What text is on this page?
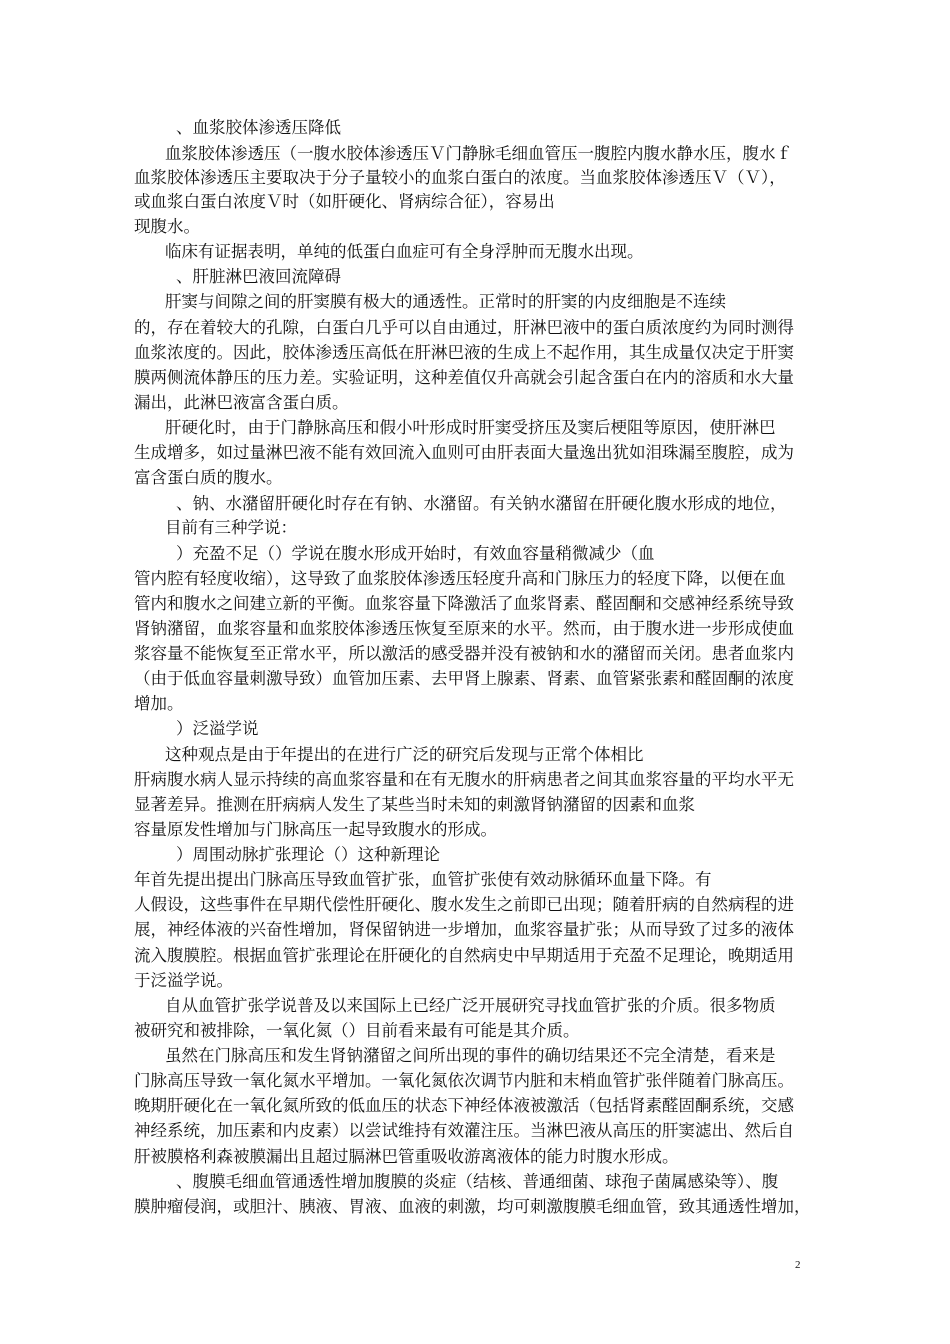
、血浆胶体渗透压降低
血浆胶体渗透压（一腹水胶体渗透压Ｖ门静脉毛细血管压一腹腔内腹水静水压，腹水ｆ
血浆胶体渗透压主要取决于分子量较小的血浆白蛋白的浓度。当血浆胶体渗透压Ｖ（Ｖ），
或血浆白蛋白浓度Ｖ时（如肝硬化、肾病综合征），容易出
现腹水。
临床有证据表明，单纯的低蛋白血症可有全身浮肿而无腹水出现。
、肝脏淋巴液回流障碍
肝窦与间隙之间的肝窦膜有极大的通透性。正常时的肝窦的内皮细胞是不连续
的，存在着较大的孔隙，白蛋白几乎可以自由通过，肝淋巴液中的蛋白质浓度约为同时测得
血浆浓度的。因此，胶体渗透压高低在肝淋巴液的生成上不起作用，其生成量仅决定于肝窦
膜两侧流体静压的压力差。实验证明，这种差值仅升高就会引起含蛋白在内的溶质和水大量
漏出，此淋巴液富含蛋白质。
肝硬化时，由于门静脉高压和假小叶形成时肝窦受挤压及窦后梗阻等原因，使肝淋巴
生成增多，如过量淋巴液不能有效回流入血则可由肝表面大量逸出犹如泪珠漏至腹腔，成为
富含蛋白质的腹水。
、钠、水潴留肝硬化时存在有钠、水潴留。有关钠水潴留在肝硬化腹水形成的地位，
目前有三种学说：
）充盈不足（）学说在腹水形成开始时，有效血容量稍微减少（血
管内腔有轻度收缩），这导致了血浆胶体渗透压轻度升高和门脉压力的轻度下降，以便在血
管内和腹水之间建立新的平衡。血浆容量下降激活了血浆肾素、醛固酮和交感神经系统导致
肾钠潴留，血浆容量和血浆胶体渗透压恢复至原来的水平。然而，由于腹水进一步形成使血
浆容量不能恢复至正常水平，所以激活的感受器并没有被钠和水的潴留而关闭。患者血浆内
（由于低血容量刺激导致）血管加压素、去甲肾上腺素、肾素、血管紧张素和醛固酮的浓度
增加。
）泛溢学说
这种观点是由于年提出的在进行广泛的研究后发现与正常个体相比
肝病腹水病人显示持续的高血浆容量和在有无腹水的肝病患者之间其血浆容量的平均水平无
显著差异。推测在肝病病人发生了某些当时未知的刺激肾钠潴留的因素和血浆
容量原发性增加与门脉高压一起导致腹水的形成。
）周围动脉扩张理论（）这种新理论
年首先提出提出门脉高压导致血管扩张，血管扩张使有效动脉循环血量下降。有
人假设，这些事件在早期代偿性肝硬化、腹水发生之前即已出现；随着肝病的自然病程的进
展，神经体液的兴奋性增加，肾保留钠进一步增加，血浆容量扩张；从而导致了过多的液体
流入腹膜腔。根据血管扩张理论在肝硬化的自然病史中早期适用于充盈不足理论，晚期适用
于泛溢学说。
自从血管扩张学说普及以来国际上已经广泛开展研究寻找血管扩张的介质。很多物质
被研究和被排除，一氧化氮（）目前看来最有可能是其介质。
虽然在门脉高压和发生肾钠潴留之间所出现的事件的确切结果还不完全清楚，看来是
门脉高压导致一氧化氮水平增加。一氧化氮依次调节内脏和末梢血管扩张伴随着门脉高压。
晚期肝硬化在一氧化氮所致的低血压的状态下神经体液被激活（包括肾素醛固酮系统，交感
神经系统，加压素和内皮素）以尝试维持有效灌注压。当淋巴液从高压的肝窦滤出、然后自
肝被膜格利森被膜漏出且超过膈淋巴管重吸收游离液体的能力时腹水形成。
、腹膜毛细血管通透性增加腹膜的炎症（结核、普通细菌、球孢子菌属感染等）、腹
膜肿瘤侵润，或胆汁、胰液、胃液、血液的刺激，均可刺激腹膜毛细血管，致其通透性增加，
2
